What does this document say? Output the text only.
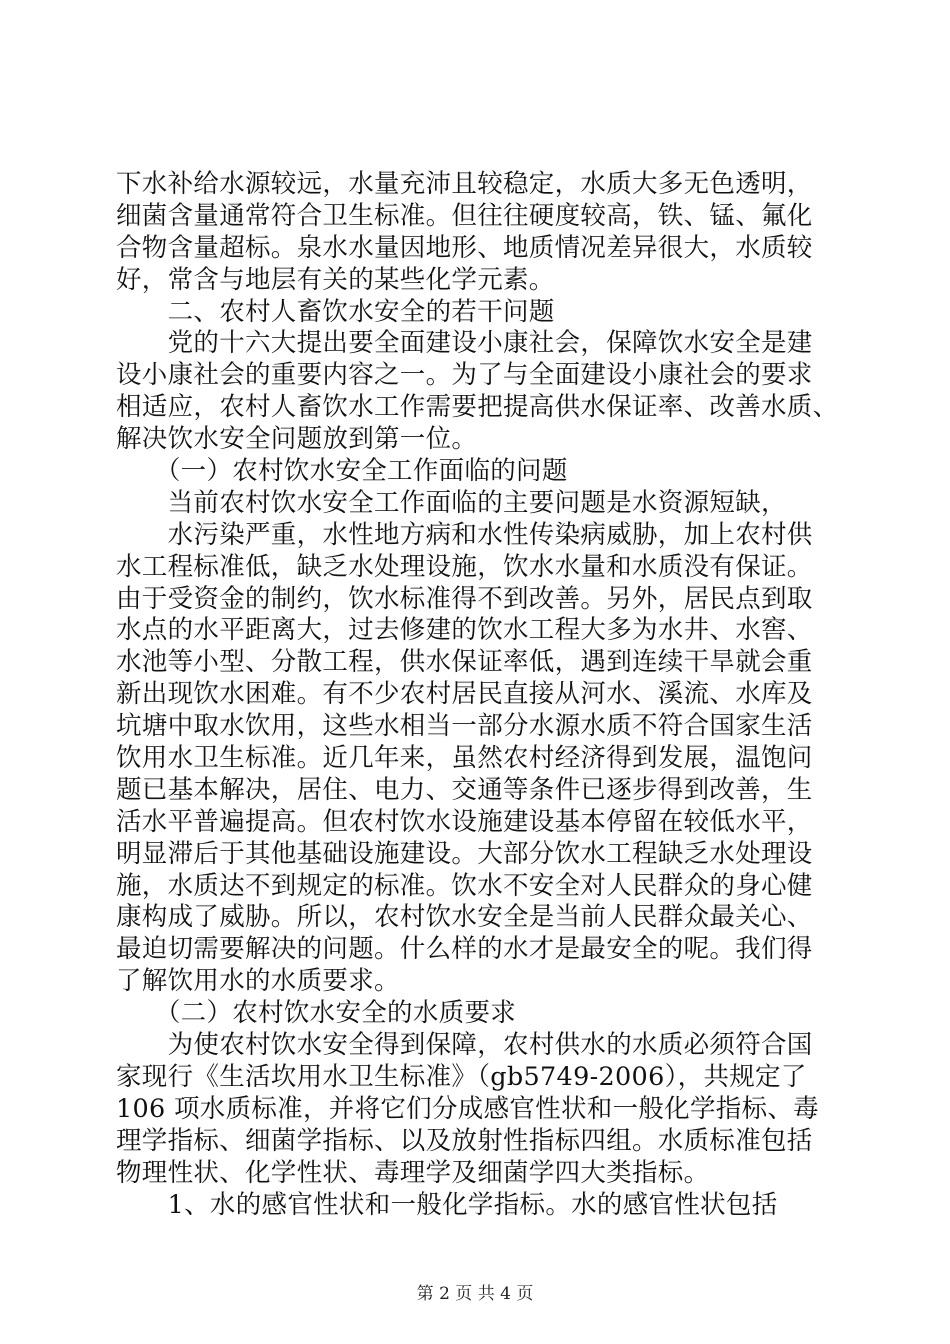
下水补给水源较远，水量充沛且较稳定，水质大多无色透明，
细菌含量通常符合卫生标准。但往往硬度较高，铁、锰、氟化
合物含量超标。泉水水量因地形、地质情况差异很大，水质较
好，常含与地层有关的某些化学元素。
　　二、农村人畜饮水安全的若干问题
　　党的十六大提出要全面建设小康社会，保障饮水安全是建
设小康社会的重要内容之一。为了与全面建设小康社会的要求
相适应，农村人畜饮水工作需要把提高供水保证率、改善水质、
解决饮水安全问题放到第一位。
　　（一）农村饮水安全工作面临的问题
　　当前农村饮水安全工作面临的主要问题是水资源短缺，
　　水污染严重，水性地方病和水性传染病威胁，加上农村供
水工程标准低，缺乏水处理设施，饮水水量和水质没有保证。
由于受资金的制约，饮水标准得不到改善。另外，居民点到取
水点的水平距离大，过去修建的饮水工程大多为水井、水窖、
水池等小型、分散工程，供水保证率低，遇到连续干旱就会重
新出现饮水困难。有不少农村居民直接从河水、溪流、水库及
坑塘中取水饮用，这些水相当一部分水源水质不符合国家生活
饮用水卫生标准。近几年来，虽然农村经济得到发展，温饱问
题已基本解决，居住、电力、交通等条件已逐步得到改善，生
活水平普遍提高。但农村饮水设施建设基本停留在较低水平，
明显滞后于其他基础设施建设。大部分饮水工程缺乏水处理设
施，水质达不到规定的标准。饮水不安全对人民群众的身心健
康构成了威胁。所以，农村饮水安全是当前人民群众最关心、
最迫切需要解决的问题。什么样的水才是最安全的呢。我们得
了解饮用水的水质要求。
　　（二）农村饮水安全的水质要求
　　为使农村饮水安全得到保障，农村供水的水质必须符合国
家现行《生活坎用水卫生标准》（gb5749-2006），共规定了
106 项水质标准，并将它们分成感官性状和一般化学指标、毒
理学指标、细菌学指标、以及放射性指标四组。水质标准包括
物理性状、化学性状、毒理学及细菌学四大类指标。
　　1、水的感官性状和一般化学指标。水的感官性状包括
第 2 页 共 4 页
